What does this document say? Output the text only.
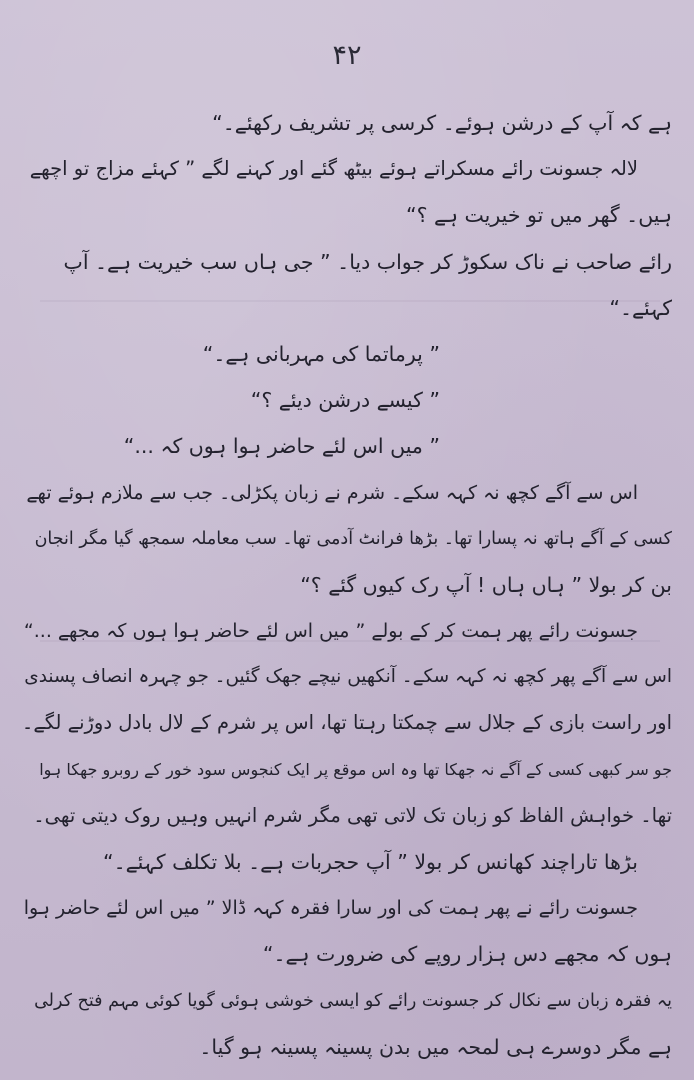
۴۲
ہے کہ آپ کے درشن ہوئے۔ کرسی پر تشریف رکھئے۔“
لالہ جسونت رائے مسکراتے ہوئے بیٹھ گئے اور کہنے لگے ” کہئے مزاج تو اچھے
ہیں۔ گھر میں تو خیریت ہے ؟“
رائے صاحب نے ناک سکوڑ کر جواب دیا۔ ” جی ہاں سب خیریت ہے۔ آپ
کہئے۔“
” پرماتما کی مہربانی ہے۔“
” کیسے درشن دیئے ؟“
” میں اس لئے حاضر ہوا ہوں کہ ...“
اس سے آگے کچھ نہ کہہ سکے۔ شرم نے زبان پکڑلی۔ جب سے ملازم ہوئے تھے
کسی کے آگے ہاتھ نہ پسارا تھا۔ بڑھا فرانٹ آدمی تھا۔ سب معاملہ سمجھ گیا مگر انجان
بن کر بولا ” ہاں ہاں ! آپ رک کیوں گئے ؟“
جسونت رائے پھر ہمت کر کے بولے ” میں اس لئے حاضر ہوا ہوں کہ مجھے ...“
اس سے آگے پھر کچھ نہ کہہ سکے۔ آنکھیں نیچے جھک گئیں۔ جو چہرہ انصاف پسندی
اور راست بازی کے جلال سے چمکتا رہتا تھا، اس پر شرم کے لال بادل دوڑنے لگے۔
جو سر کبھی کسی کے آگے نہ جھکا تھا وہ اس موقع پر ایک کنجوس سود خور کے روبرو جھکا ہوا
تھا۔ خواہش الفاظ کو زبان تک لاتی تھی مگر شرم انہیں وہیں روک دیتی تھی۔
بڑھا تاراچند کھانس کر بولا ” آپ حجربات ہے۔ بلا تکلف کہئے۔“
جسونت رائے نے پھر ہمت کی اور سارا فقرہ کہہ ڈالا ” میں اس لئے حاضر ہوا
ہوں کہ مجھے دس ہزار روپے کی ضرورت ہے۔“
یہ فقرہ زبان سے نکال کر جسونت رائے کو ایسی خوشی ہوئی گویا کوئی مہم فتح کرلی
ہے مگر دوسرے ہی لمحہ میں بدن پسینہ پسینہ ہو گیا۔
